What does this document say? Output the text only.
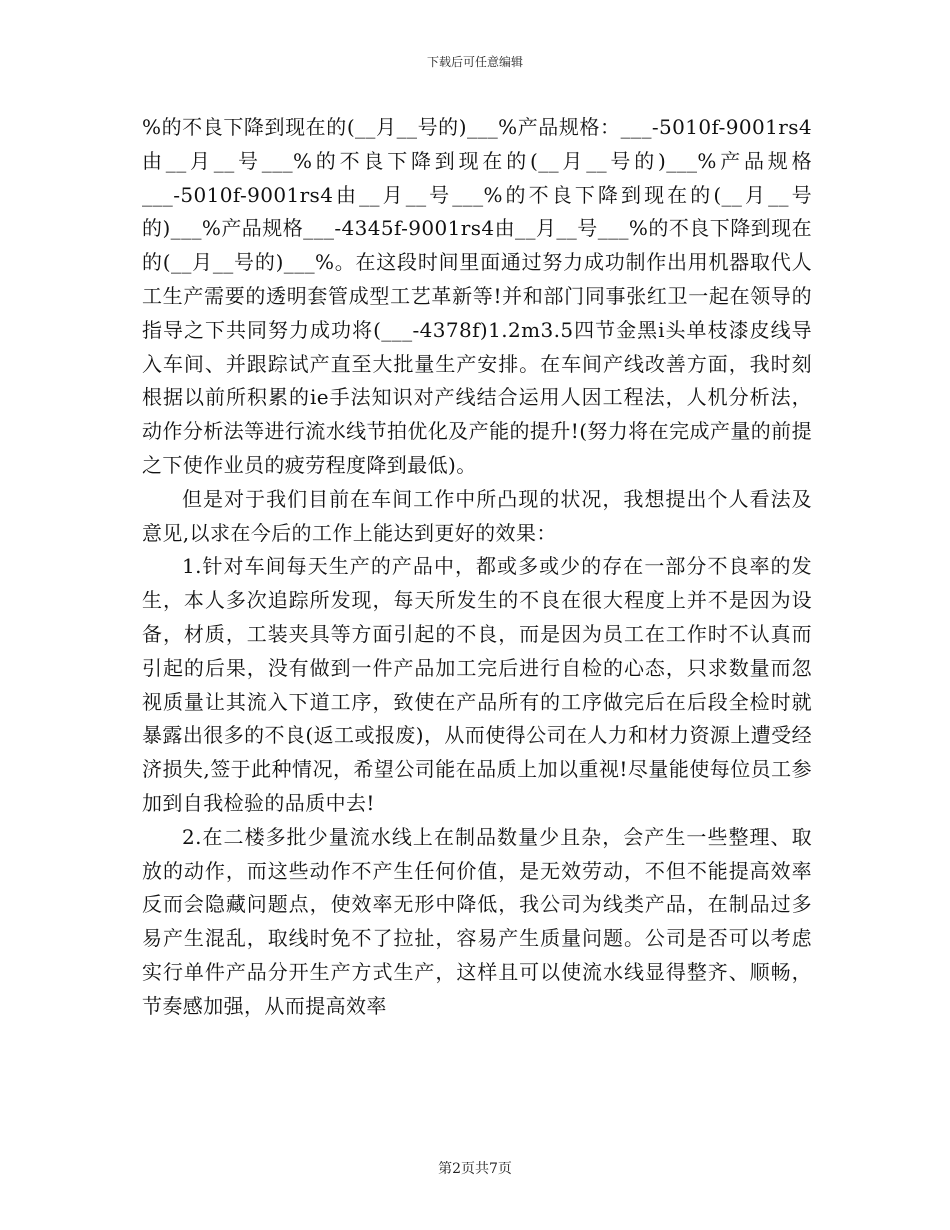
下载后可任意编辑

%的不良下降到现在的(__月__号的)___%产品规格：___-5010f-9001rs4由__月__号___%的不良下降到现在的(__月__号的)___%产品规格___-5010f-9001rs4由__月__号___%的不良下降到现在的(__月__号的)___%产品规格___-4345f-9001rs4由__月__号___%的不良下降到现在的(__月__号的)___%。在这段时间里面通过努力成功制作出用机器取代人工生产需要的透明套管成型工艺革新等!并和部门同事张红卫一起在领导的指导之下共同努力成功将(___-4378f)1.2m3.5四节金黑i头单枝漆皮线导入车间、并跟踪试产直至大批量生产安排。在车间产线改善方面，我时刻根据以前所积累的ie手法知识对产线结合运用人因工程法，人机分析法，动作分析法等进行流水线节拍优化及产能的提升!(努力将在完成产量的前提之下使作业员的疲劳程度降到最低)。

但是对于我们目前在车间工作中所凸现的状况，我想提出个人看法及意见,以求在今后的工作上能达到更好的效果：

1.针对车间每天生产的产品中，都或多或少的存在一部分不良率的发生，本人多次追踪所发现，每天所发生的不良在很大程度上并不是因为设备，材质，工装夹具等方面引起的不良，而是因为员工在工作时不认真而引起的后果，没有做到一件产品加工完后进行自检的心态，只求数量而忽视质量让其流入下道工序，致使在产品所有的工序做完后在后段全检时就暴露出很多的不良(返工或报废)，从而使得公司在人力和材力资源上遭受经济损失,签于此种情况，希望公司能在品质上加以重视!尽量能使每位员工参加到自我检验的品质中去!

2.在二楼多批少量流水线上在制品数量少且杂，会产生一些整理、取放的动作，而这些动作不产生任何价值，是无效劳动，不但不能提高效率反而会隐藏问题点，使效率无形中降低，我公司为线类产品，在制品过多易产生混乱，取线时免不了拉扯，容易产生质量问题。公司是否可以考虑实行单件产品分开生产方式生产，这样且可以使流水线显得整齐、顺畅，节奏感加强，从而提高效率

第2页共7页
